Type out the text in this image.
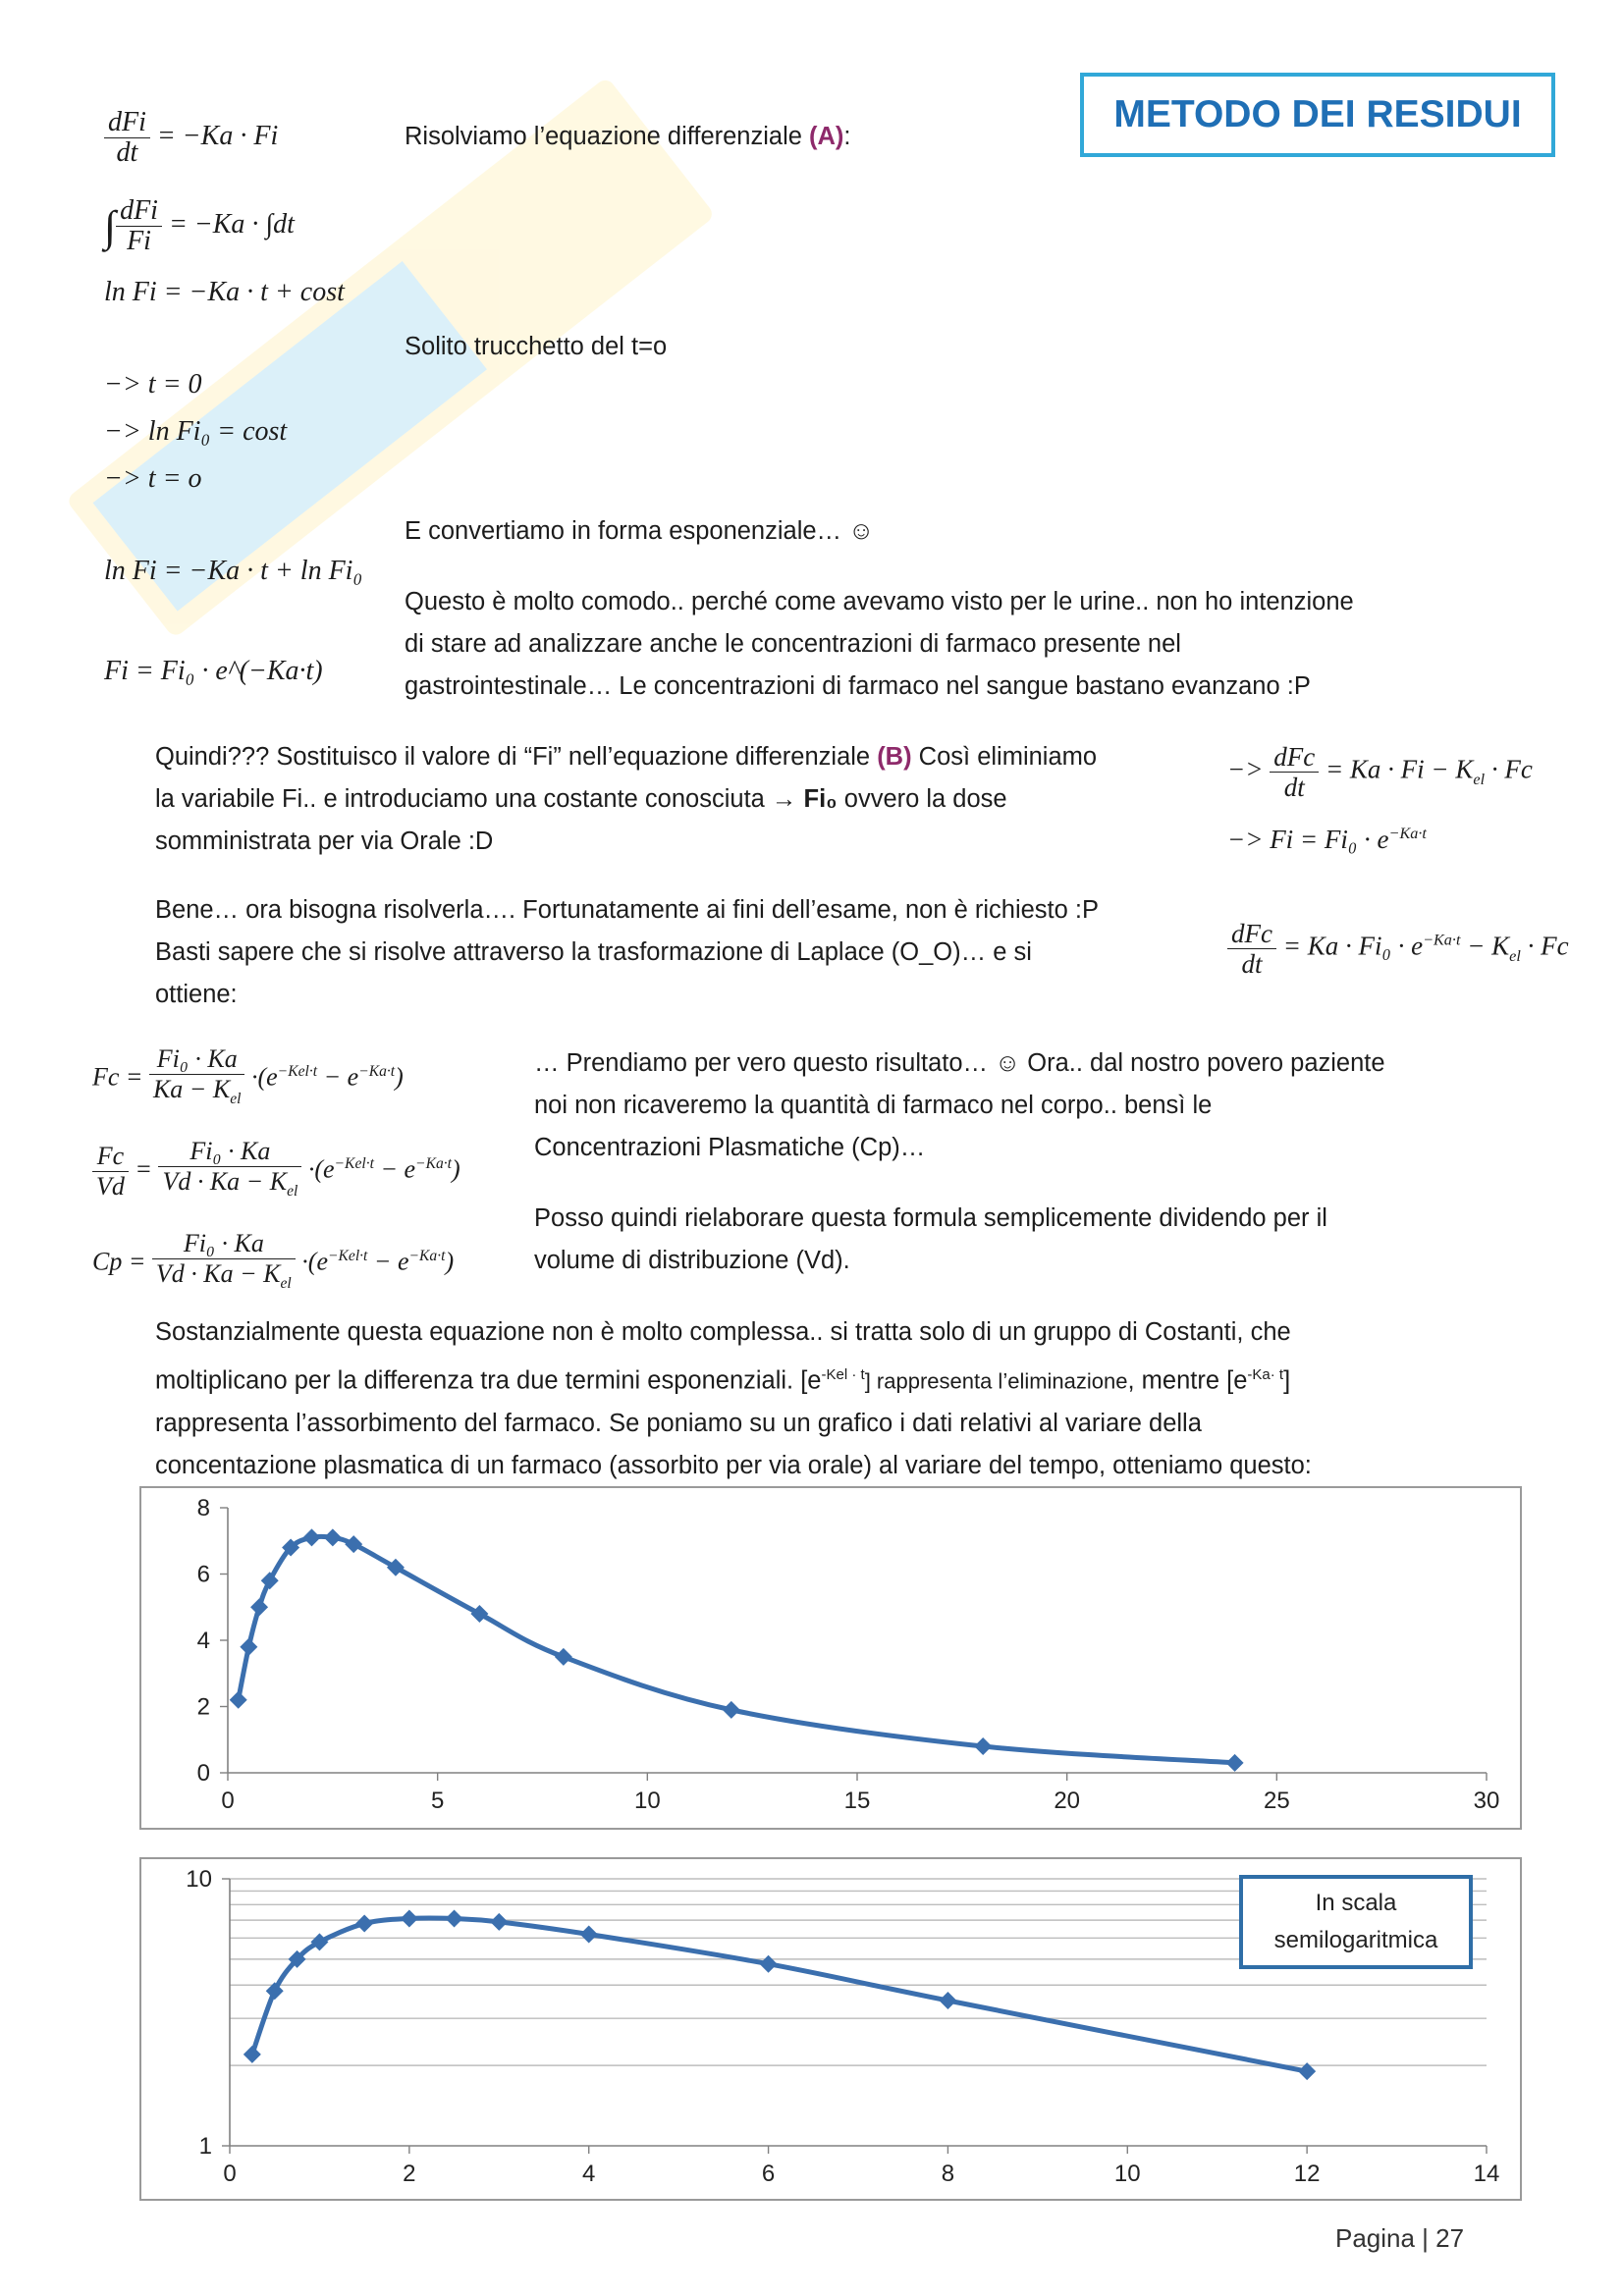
METODO DEI RESIDUI
$\frac{\text{dFi}}{dt} = -Ka \cdot Fi$
∫ $\frac{\text{dFi}}{Fi} = -Ka \cdot \int dt$
ln Fi = −Ka · t + cost
−> t = 0
−> ln Fi₀ = cost
−> t = o
ln Fi = −Ka · t + ln Fi₀
Fi = Fi₀ · e^(−Ka·t)
Risolviamo l’equazione differenziale (A):
Solito trucchetto del t=o
E convertiamo in forma esponenziale… ☺
Questo è molto comodo.. perché come avevamo visto per le urine.. non ho intenzione
di stare ad analizzare anche le concentrazioni di farmaco presente nel
gastrointestinale… Le concentrazioni di farmaco nel sangue bastano evanzano :P
Quindi??? Sostituisco il valore di “Fi” nell’equazione differenziale (B) Così eliminiamo
la variabile Fi.. e introduciamo una costante conosciuta → Fi₀ ovvero la dose
somministrata per via Orale :D
−> $\frac{\text{dFc}}{dt} = Ka \cdot Fi - K_{el} \cdot Fc$
−> $Fi = Fi_0 \cdot e^{-Ka\cdot t}$
Bene… ora bisogna risolverla…. Fortunatamente ai fini dell’esame, non è richiesto :P
Basti sapere che si risolve attraverso la trasformazione di Laplace (O_O)… e si
ottiene:
$\frac{\text{dFc}}{dt} = Ka \cdot Fi_0 \cdot e^{-Ka\cdot t} - K_{el} \cdot Fc$
$Fc = \frac{\text{Fi₀ · Ka}}{Ka - K_{el}} \cdot(e^{-Kel\cdot t} - e^{-Ka\cdot t})$
$\frac{Fc}{Vd} = \frac{\text{Fi₀ · Ka}}{Vd \cdot Ka - K_{el}} \cdot(e^{-Kel\cdot t} - e^{-Ka\cdot t})$
$Cp = \frac{\text{Fi₀ · Ka}}{Vd \cdot Ka - K_{el}} \cdot(e^{-Kel\cdot t} - e^{-Ka\cdot t})$
… Prendiamo per vero questo risultato… ☺ Ora.. dal nostro povero paziente
noi non ricaveremo la quantità di farmaco nel corpo.. bensì le
Concentrazioni Plasmatiche (Cp)…
Posso quindi rielaborare questa formula semplicemente dividendo per il
volume di distribuzione (Vd).
Sostanzialmente questa equazione non è molto complessa.. si tratta solo di un gruppo di Costanti, che
moltiplicano per la differenza tra due termini esponenziali. $[e^{-Kel \cdot t}]$ rappresenta l’eliminazione, mentre $[e^{-Ka\cdot t}]$
rappresenta l’assorbimento del farmaco. Se poniamo su un grafico i dati relativi al variare della
concentazione plasmatica di un farmaco (assorbito per via orale) al variare del tempo, otteniamo questo:
0	5	10	15	20	25	30
0
2
4
6
8
0	2	4	6	8	10	12	14
1
10
In scala
semilogaritmica
Pagina | 27
